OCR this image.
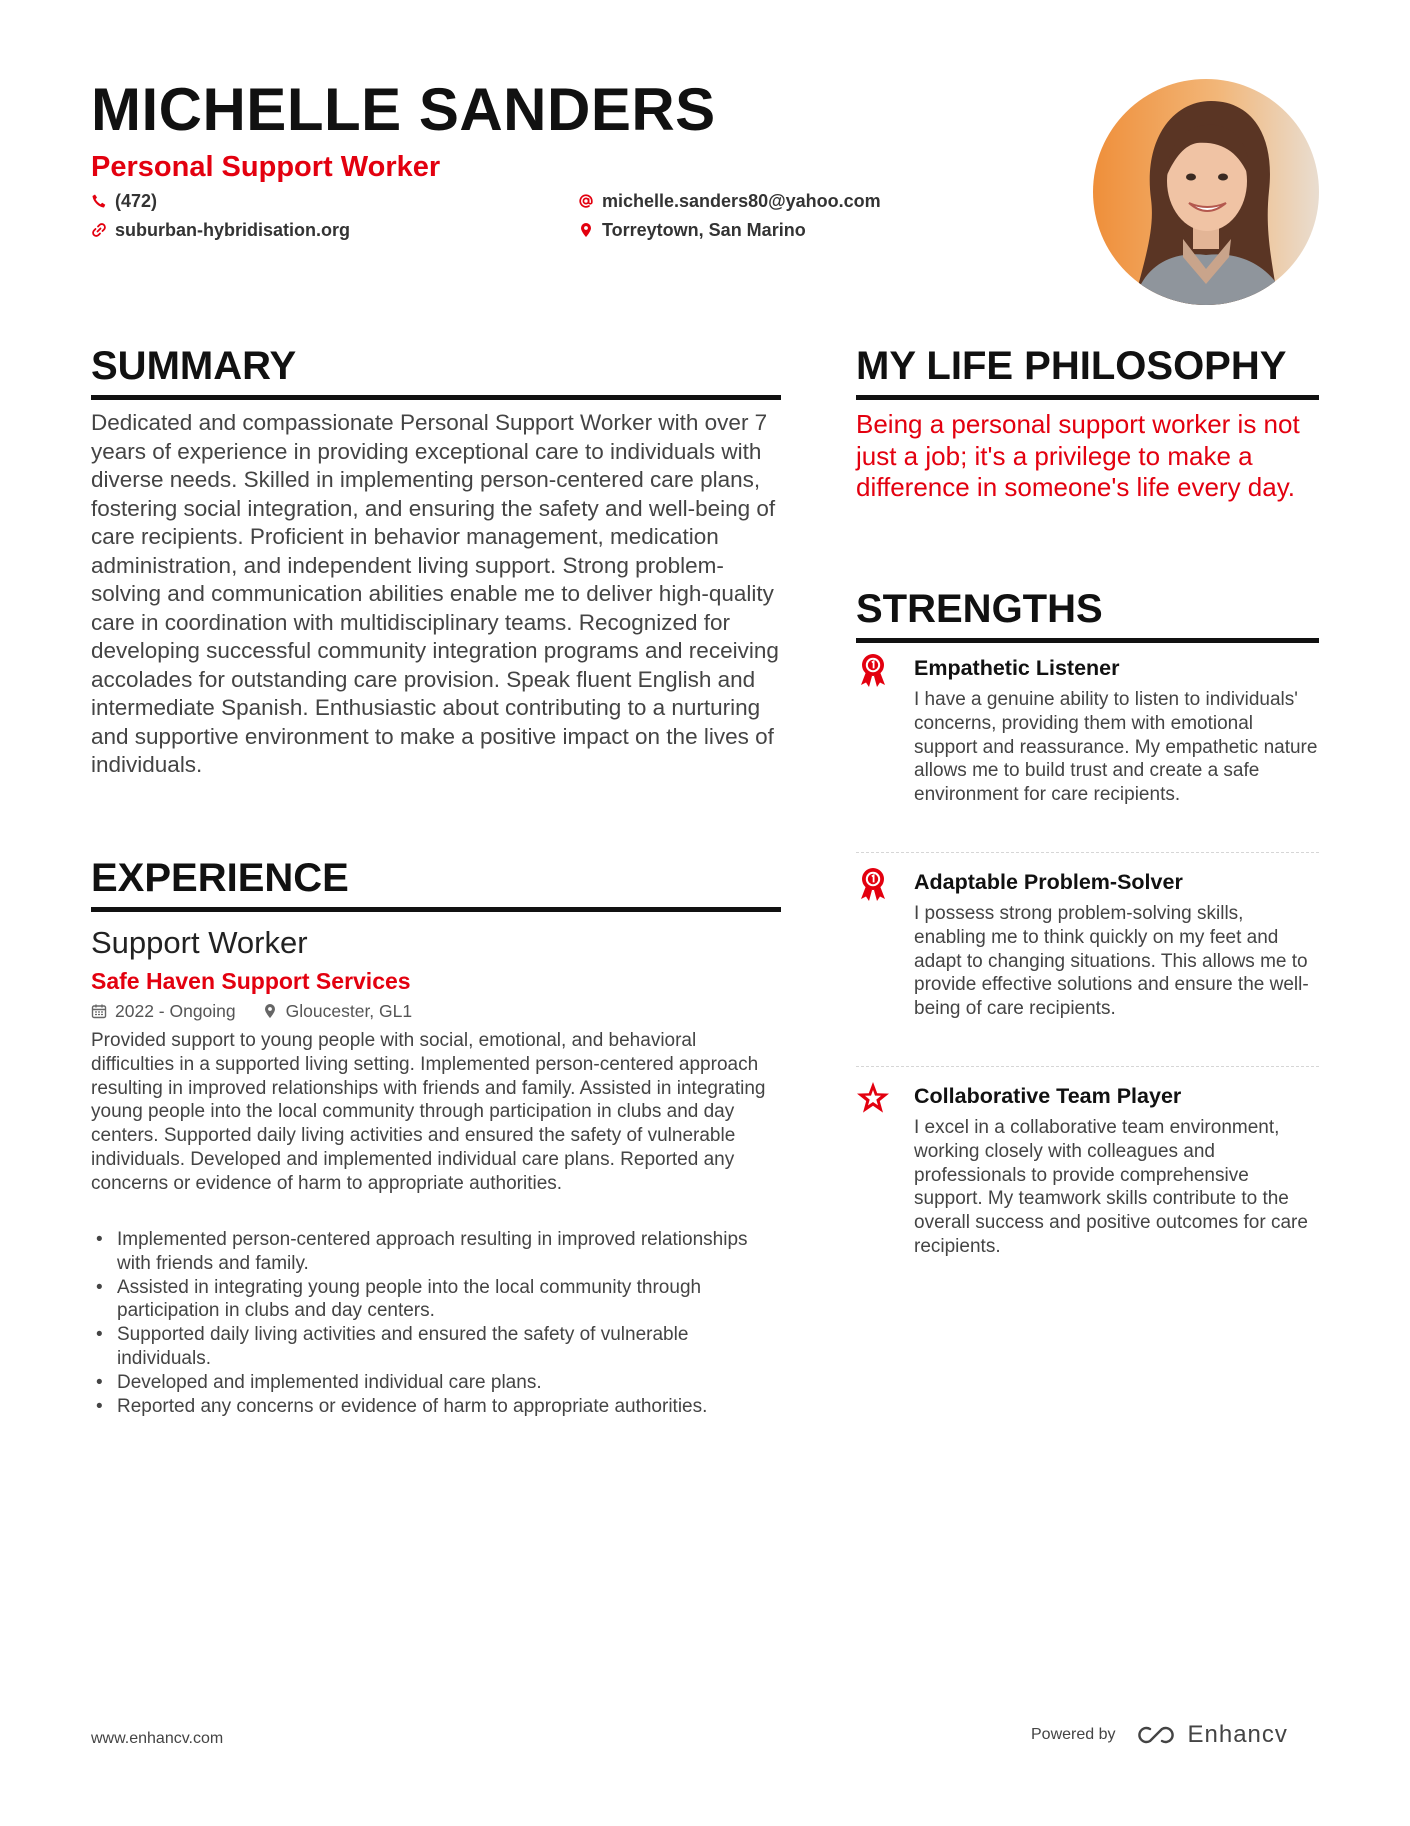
MICHELLE SANDERS
Personal Support Worker
(472)
suburban-hybridisation.org
michelle.sanders80@yahoo.com
Torreytown, San Marino
SUMMARY

Dedicated and compassionate Personal Support Worker with over 7 years of experience in providing exceptional care to individuals with diverse needs. Skilled in implementing person-centered care plans, fostering social integration, and ensuring the safety and well-being of care recipients. Proficient in behavior management, medication administration, and independent living support. Strong problem-solving and communication abilities enable me to deliver high-quality care in coordination with multidisciplinary teams. Recognized for developing successful community integration programs and receiving accolades for outstanding care provision. Speak fluent English and intermediate Spanish. Enthusiastic about contributing to a nurturing and supportive environment to make a positive impact on the lives of individuals.

EXPERIENCE

Support Worker

Safe Haven Support Services

2022 - Ongoing	Gloucester, GL1

Provided support to young people with social, emotional, and behavioral difficulties in a supported living setting. Implemented person-centered approach resulting in improved relationships with friends and family. Assisted in integrating young people into the local community through participation in clubs and day centers. Supported daily living activities and ensured the safety of vulnerable individuals. Developed and implemented individual care plans. Reported any concerns or evidence of harm to appropriate authorities.

• Implemented person-centered approach resulting in improved relationships with friends and family.
• Assisted in integrating young people into the local community through participation in clubs and day centers.
• Supported daily living activities and ensured the safety of vulnerable individuals.
• Developed and implemented individual care plans.
• Reported any concerns or evidence of harm to appropriate authorities.
MY LIFE PHILOSOPHY

Being a personal support worker is not just a job; it's a privilege to make a difference in someone's life every day.

STRENGTHS

Empathetic Listener

I have a genuine ability to listen to individuals' concerns, providing them with emotional support and reassurance. My empathetic nature allows me to build trust and create a safe environment for care recipients.

Adaptable Problem-Solver

I possess strong problem-solving skills, enabling me to think quickly on my feet and adapt to changing situations. This allows me to provide effective solutions and ensure the well-being of care recipients.

Collaborative Team Player

I excel in a collaborative team environment, working closely with colleagues and professionals to provide comprehensive support. My teamwork skills contribute to the overall success and positive outcomes for care recipients.

www.enhancv.com	Powered by	Enhancv
